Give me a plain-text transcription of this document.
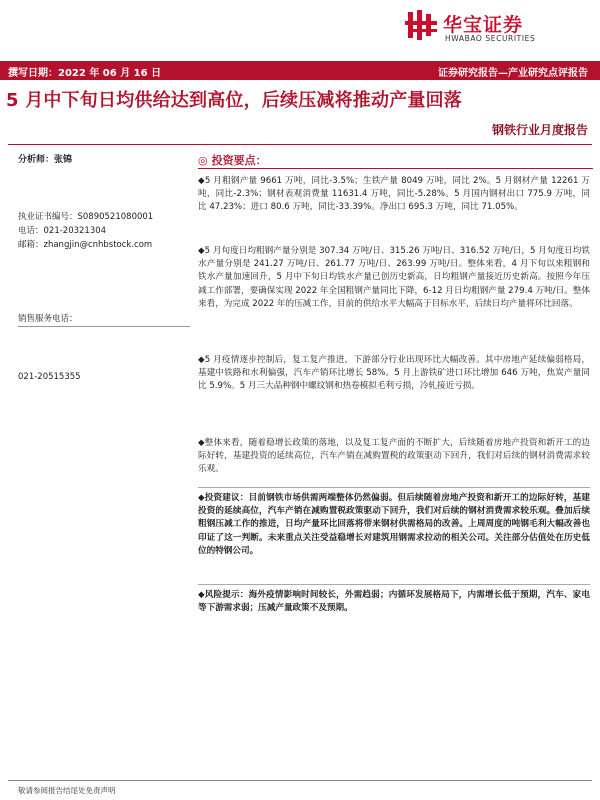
华宝证券
HWABAO SECURITIES
撰写日期：2022 年 06 月 16 日	证券研究报告—产业研究点评报告
5 月中下旬日均供给达到高位，后续压减将推动产量回落
钢铁行业月度报告
分析师：张锦
执业证书编号：S0890521080001
电话：021-20321304
邮箱：zhangjin@cnhbstock.com
销售服务电话：
021-20515355
◎ 投资要点：
◆5 月粗钢产量 9661 万吨，同比-3.5%；生铁产量 8049 万吨，同比 2%。5 月钢材产量 12261 万吨，同比-2.3%；钢材表观消费量 11631.4 万吨，同比-5.28%。5 月国内钢材出口 775.9 万吨，同比 47.23%；进口 80.6 万吨，同比-33.39%。净出口 695.3 万吨，同比 71.05%。
◆5 月旬度日均粗钢产量分别是 307.34 万吨/日、315.26 万吨/日、316.52 万吨/日，5 月旬度日均铁水产量分别是 241.27 万吨/日、261.77 万吨/日、263.99 万吨/日。整体来看，4 月下旬以来粗钢和铁水产量加速回升，5 月中下旬日均铁水产量已创历史新高，日均粗钢产量接近历史新高。按照今年压减工作部署，要确保实现 2022 年全国粗钢产量同比下降，6-12 月日均粗钢产量 279.4 万吨/日。整体来看，为完成 2022 年的压减工作，目前的供给水平大幅高于目标水平，后续日均产量将环比回落。
◆5 月疫情逐步控制后，复工复产推进，下游部分行业出现环比大幅改善。其中房地产延续偏弱格局，基建中铁路和水利偏强，汽车产销环比增长 58%。5 月上游铁矿进口环比增加 646 万吨，焦炭产量同比 5.9%。5 月三大品种钢中螺纹钢和热卷模拟毛利亏损，冷轧接近亏损。
◆整体来看，随着稳增长政策的落地，以及复工复产面的不断扩大，后续随着房地产投资和新开工的边际好转，基建投资的延续高位，汽车产销在减购置税的政策驱动下回升，我们对后续的钢材消费需求较乐观。
◆投资建议：目前钢铁市场供需两端整体仍然偏弱。但后续随着房地产投资和新开工的边际好转，基建投资的延续高位，汽车产销在减购置税政策驱动下回升，我们对后续的钢材消费需求较乐观。叠加后续粗钢压减工作的推进，日均产量环比回落将带来钢材供需格局的改善。上周周度的吨钢毛利大幅改善也印证了这一判断。未来重点关注受益稳增长对建筑用钢需求拉动的相关公司。关注部分估值处在历史低位的特钢公司。
◆风险提示：海外疫情影响时间较长，外需趋弱；内循环发展格局下，内需增长低于预期，汽车、家电等下游需求弱；压减产量政策不及预期。
敬请参阅报告结尾处免责声明
